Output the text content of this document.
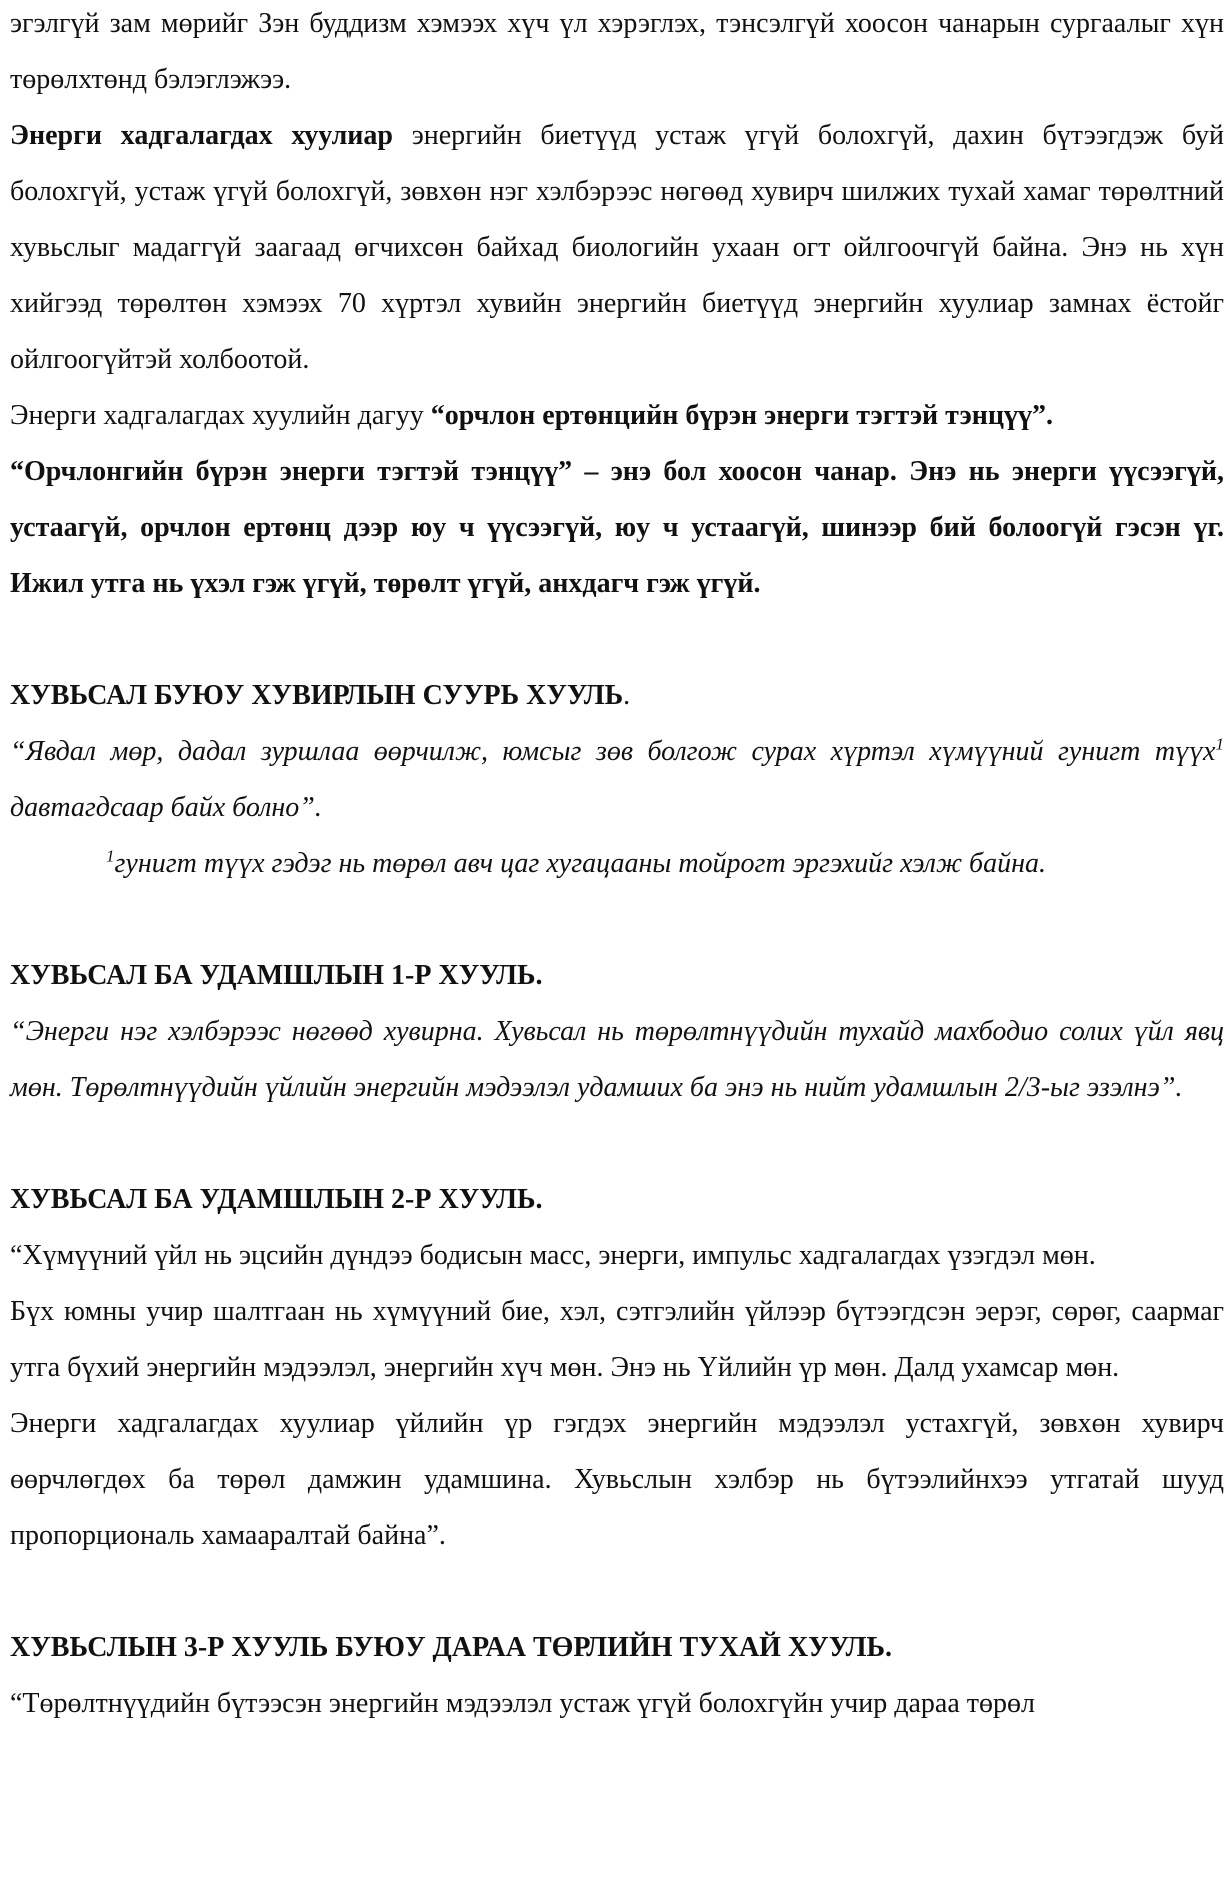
эгэлгүй зам мөрийг Зэн буддизм хэмээх хүч үл хэрэглэх, тэнсэлгүй хоосон чанарын сургаалыг хүн төрөлхтөнд бэлэглэжээ.

Энерги хадгалагдах хуулиар энергийн биетүүд устаж үгүй болохгүй, дахин бүтээгдэж буй болохгүй, устаж үгүй болохгүй, зөвхөн нэг хэлбэрээс нөгөөд хувирч шилжих тухай хамаг төрөлтний хувьслыг мадаггүй заагаад өгчихсөн байхад биологийн ухаан огт ойлгоочгүй байна. Энэ нь хүн хийгээд төрөлтөн хэмээх 70 хүртэл хувийн энергийн биетүүд энергийн хуулиар замнах ёстойг ойлгоогүйтэй холбоотой.

Энерги хадгалагдах хуулийн дагуу “орчлон ертөнцийн бүрэн энерги тэгтэй тэнцүү”.

“Орчлонгийн бүрэн энерги тэгтэй тэнцүү” – энэ бол хоосон чанар. Энэ нь энерги үүсээгүй, устаагүй, орчлон ертөнц дээр юу ч үүсээгүй, юу ч устаагүй, шинээр бий болоогүй гэсэн үг. Ижил утга нь үхэл гэж үгүй, төрөлт үгүй, анхдагч гэж үгүй.

ХУВЬСАЛ БУЮУ ХУВИРЛЫН СУУРЬ ХУУЛЬ.

“Явдал мөр, дадал зуршлаа өөрчилж, юмсыг зөв болгож сурах хүртэл хүмүүний гунигт түүх$^1$ давтагдсаар байх болно”.

$^1$гунигт түүх гэдэг нь төрөл авч цаг хугацааны тойрогт эргэхийг хэлж байна.

ХУВЬСАЛ БА УДАМШЛЫН 1-Р ХУУЛЬ.

“Энерги нэг хэлбэрээс нөгөөд хувирна. Хувьсал нь төрөлтнүүдийн тухайд махбодио солих үйл явц мөн. Төрөлтнүүдийн үйлийн энергийн мэдээлэл удамших ба энэ нь нийт удамшлын 2/3-ыг эзэлнэ”.

ХУВЬСАЛ БА УДАМШЛЫН 2-Р ХУУЛЬ.

“Хүмүүний үйл нь эцсийн дүндээ бодисын масс, энерги, импульс хадгалагдах үзэгдэл мөн.

Бүх юмны учир шалтгаан нь хүмүүний бие, хэл, сэтгэлийн үйлээр бүтээгдсэн эерэг, сөрөг, саармаг утга бүхий энергийн мэдээлэл, энергийн хүч мөн. Энэ нь Үйлийн үр мөн. Далд ухамсар мөн.

Энерги хадгалагдах хуулиар үйлийн үр гэгдэх энергийн мэдээлэл устахгүй, зөвхөн хувирч өөрчлөгдөх ба төрөл дамжин удамшина. Хувьслын хэлбэр нь бүтээлийнхээ утгатай шууд пропорциональ хамааралтай байна”.

ХУВЬСЛЫН 3-Р ХУУЛЬ БУЮУ ДАРАА ТӨРЛИЙН ТУХАЙ ХУУЛЬ.

“Төрөлтнүүдийн бүтээсэн энергийн мэдээлэл устаж үгүй болохгүйн учир дараа төрөл
